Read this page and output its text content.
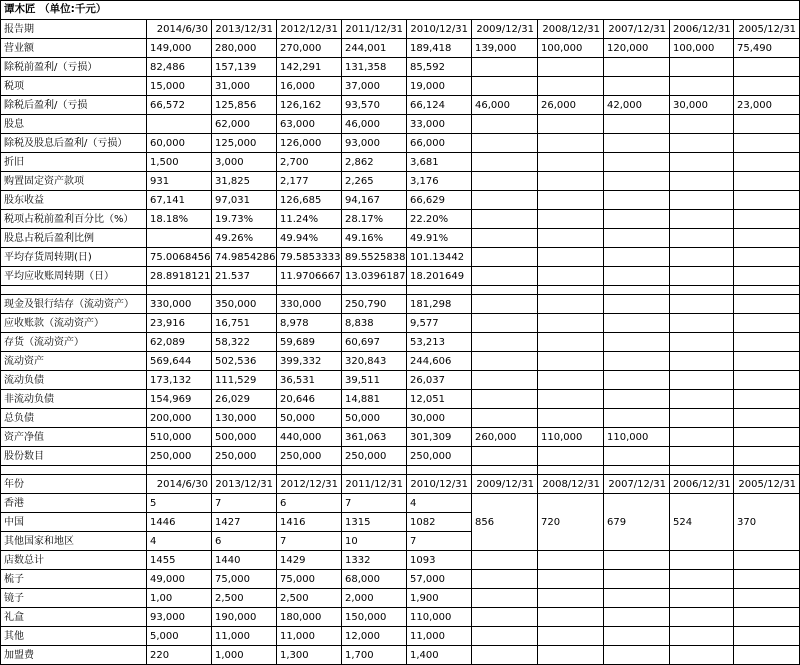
谭木匠 （单位:千元）										
报告期	2014/6/30	2013/12/31	2012/12/31	2011/12/31	2010/12/31	2009/12/31	2008/12/31	2007/12/31	2006/12/31	2005/12/31
营业额	149,000	280,000	270,000	244,001	189,418	139,000	100,000	120,000	100,000	75,490
除税前盈利/（亏损）	82,486	157,139	142,291	131,358	85,592					
税项	15,000	31,000	16,000	37,000	19,000					
除税后盈利/（亏损	66,572	125,856	126,162	93,570	66,124	46,000	26,000	42,000	30,000	23,000
股息		62,000	63,000	46,000	33,000					
除税及股息后盈利/（亏损）	60,000	125,000	126,000	93,000	66,000					
折旧	1,500	3,000	2,700	2,862	3,681					
购置固定资产款项	931	31,825	2,177	2,265	3,176					
股东收益	67,141	97,031	126,685	94,167	66,629					
税项占税前盈利百分比（%）	18.18%	19.73%	11.24%	28.17%	22.20%					
股息占税后盈利比例		49.26%	49.94%	49.16%	49.91%					
平均存货周转期(日)	75.0068456	74.9854286	79.5853333	89.5525838	101.13442					
平均应收账周转期（日）	28.8918121	21.537	11.9706667	13.0396187	18.201649					

现金及银行结存（流动资产）	330,000	350,000	330,000	250,790	181,298					
应收账款（流动资产）	23,916	16,751	8,978	8,838	9,577					
存货（流动资产）	62,089	58,322	59,689	60,697	53,213					
流动资产	569,644	502,536	399,332	320,843	244,606					
流动负债	173,132	111,529	36,531	39,511	26,037					
非流动负债	154,969	26,029	20,646	14,881	12,051					
总负债	200,000	130,000	50,000	50,000	30,000					
资产净值	510,000	500,000	440,000	361,063	301,309	260,000	110,000	110,000		
股份数目	250,000	250,000	250,000	250,000	250,000					

年份	2014/6/30	2013/12/31	2012/12/31	2011/12/31	2010/12/31	2009/12/31	2008/12/31	2007/12/31	2006/12/31	2005/12/31
香港	5	7	6	7	4	856	720	679	524	370
中国	1446	1427	1416	1315	1082					
其他国家和地区	4	6	7	10	7					
店数总计	1455	1440	1429	1332	1093					
梳子	49,000	75,000	75,000	68,000	57,000					
镜子	1,00	2,500	2,500	2,000	1,900					
礼盒	93,000	190,000	180,000	150,000	110,000					
其他	5,000	11,000	11,000	12,000	11,000					
加盟费	220	1,000	1,300	1,700	1,400					
